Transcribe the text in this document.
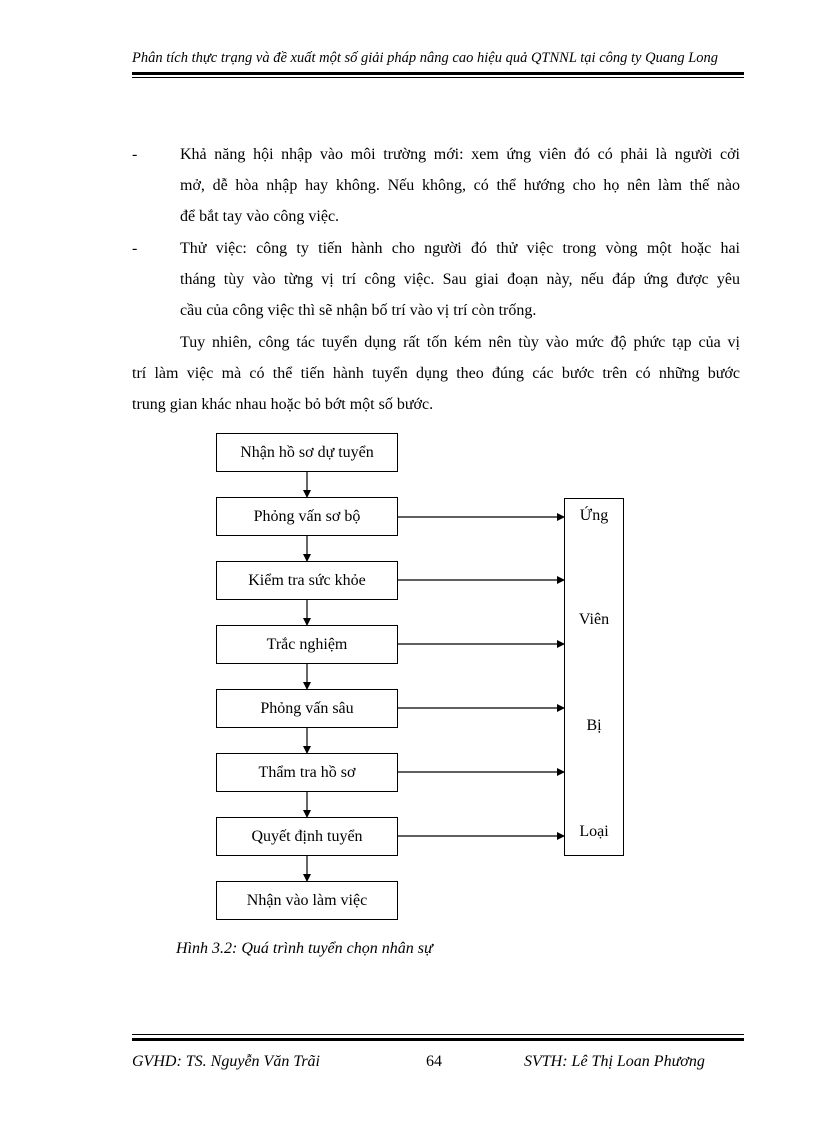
Phân tích thực trạng và đề xuất một số giải pháp nâng cao hiệu quả QTNNL tại công ty Quang Long
-	Khả năng hội nhập vào môi trường mới: xem ứng viên đó có phải là người cởi
mở, dễ hòa nhập hay không. Nếu không, có thể hướng cho họ nên làm thế nào
để bắt tay vào công việc.
-	Thử việc: công ty tiến hành cho người đó thử việc trong vòng một hoặc hai
tháng tùy vào từng vị trí công việc. Sau giai đoạn này, nếu đáp ứng được yêu
cầu của công việc thì sẽ nhận bố trí vào vị trí còn trống.
Tuy nhiên, công tác tuyển dụng rất tốn kém nên tùy vào mức độ phức tạp của vị
trí làm việc mà có thể tiến hành tuyển dụng theo đúng các bước trên có những bước
trung gian khác nhau hoặc bỏ bớt một số bước.
Nhận hồ sơ dự tuyển
Phỏng vấn sơ bộ
Kiểm tra sức khỏe
Trắc nghiệm
Phỏng vấn sâu
Thẩm tra hồ sơ
Quyết định tuyển
Nhận vào làm việc
Ứng
Viên
Bị
Loại
Hình 3.2: Quá trình tuyển chọn nhân sự
GVHD: TS. Nguyễn Văn Trãi	64	SVTH: Lê Thị Loan Phương
